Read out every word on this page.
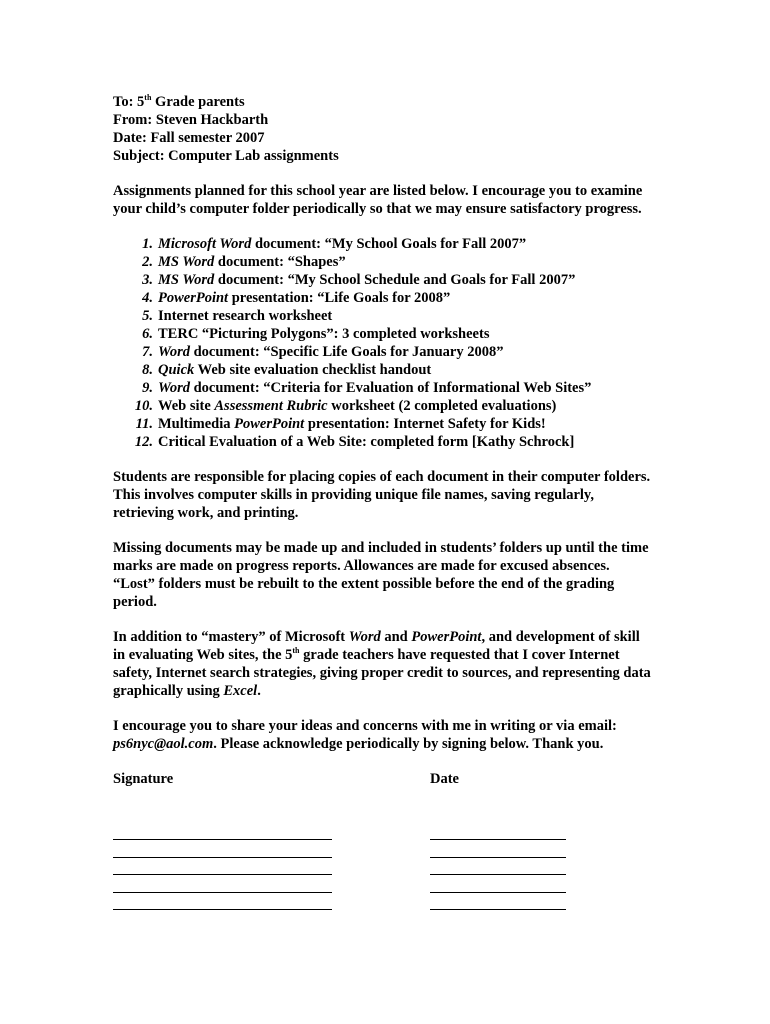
To: 5th Grade parents
From: Steven Hackbarth
Date: Fall semester 2007
Subject: Computer Lab assignments

Assignments planned for this school year are listed below. I encourage you to examine your child’s computer folder periodically so that we may ensure satisfactory progress.

1. Microsoft Word document: “My School Goals for Fall 2007”
2. MS Word document: “Shapes”
3. MS Word document: “My School Schedule and Goals for Fall 2007”
4. PowerPoint presentation: “Life Goals for 2008”
5. Internet research worksheet
6. TERC “Picturing Polygons”: 3 completed worksheets
7. Word document: “Specific Life Goals for January 2008”
8. Quick Web site evaluation checklist handout
9. Word document: “Criteria for Evaluation of Informational Web Sites”
10. Web site Assessment Rubric worksheet (2 completed evaluations)
11. Multimedia PowerPoint presentation: Internet Safety for Kids!
12. Critical Evaluation of a Web Site: completed form [Kathy Schrock]

Students are responsible for placing copies of each document in their computer folders. This involves computer skills in providing unique file names, saving regularly, retrieving work, and printing.

Missing documents may be made up and included in students’ folders up until the time marks are made on progress reports. Allowances are made for excused absences. “Lost” folders must be rebuilt to the extent possible before the end of the grading period.

In addition to “mastery” of Microsoft Word and PowerPoint, and development of skill in evaluating Web sites, the 5th grade teachers have requested that I cover Internet safety, Internet search strategies, giving proper credit to sources, and representing data graphically using Excel.

I encourage you to share your ideas and concerns with me in writing or via email: ps6nyc@aol.com. Please acknowledge periodically by signing below. Thank you.

Signature	Date
